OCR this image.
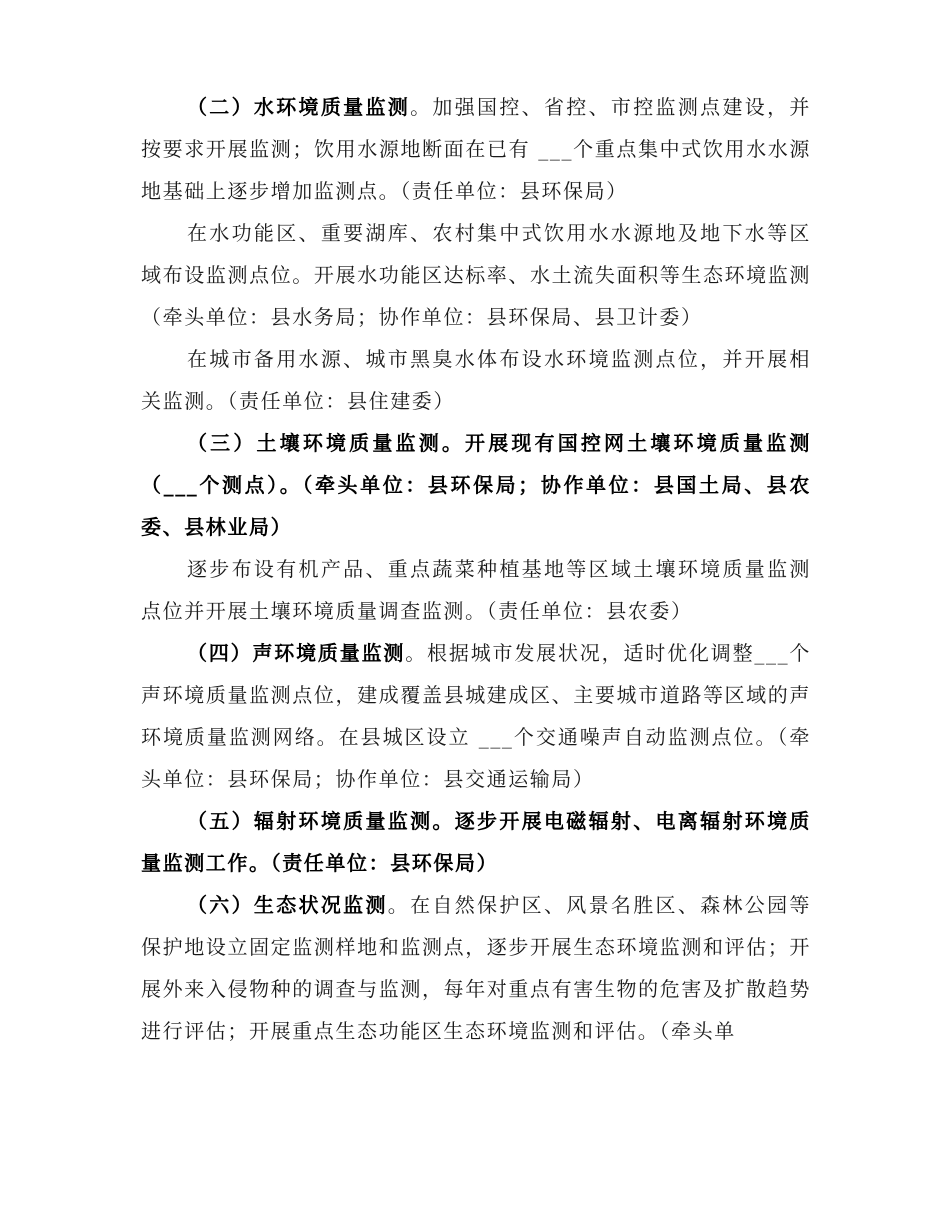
（二）水环境质量监测。加强国控、省控、市控监测点建设，并按要求开展监测；饮用水源地断面在已有 ___个重点集中式饮用水水源地基础上逐步增加监测点。（责任单位：县环保局）

在水功能区、重要湖库、农村集中式饮用水水源地及地下水等区域布设监测点位。开展水功能区达标率、水土流失面积等生态环境监测（牵头单位：县水务局；协作单位：县环保局、县卫计委）

在城市备用水源、城市黑臭水体布设水环境监测点位，并开展相关监测。（责任单位：县住建委）

（三）土壤环境质量监测。开展现有国控网土壤环境质量监测（___个测点）。（牵头单位：县环保局；协作单位：县国土局、县农委、县林业局）

逐步布设有机产品、重点蔬菜种植基地等区域土壤环境质量监测点位并开展土壤环境质量调查监测。（责任单位：县农委）

（四）声环境质量监测。根据城市发展状况，适时优化调整___个声环境质量监测点位，建成覆盖县城建成区、主要城市道路等区域的声环境质量监测网络。在县城区设立 ___个交通噪声自动监测点位。（牵头单位：县环保局；协作单位：县交通运输局）

（五）辐射环境质量监测。逐步开展电磁辐射、电离辐射环境质量监测工作。（责任单位：县环保局）

（六）生态状况监测。在自然保护区、风景名胜区、森林公园等保护地设立固定监测样地和监测点，逐步开展生态环境监测和评估；开展外来入侵物种的调查与监测，每年对重点有害生物的危害及扩散趋势进行评估；开展重点生态功能区生态环境监测和评估。（牵头单
